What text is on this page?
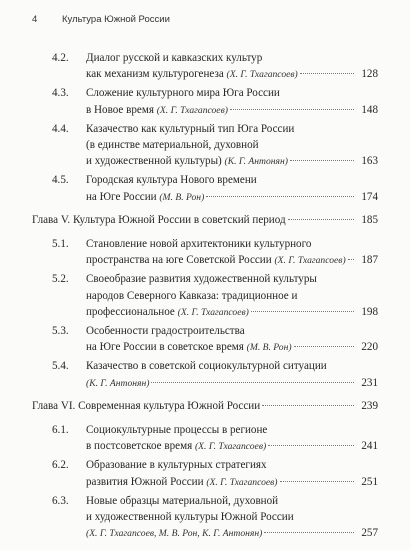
4	Культура Южной России
4.2.	Диалог русской и кавказских культур
как механизм культурогенеза (Х. Г. Тхагапсоев)	128
4.3.	Сложение культурного мира Юга России
в Новое время (Х. Г. Тхагапсоев)	148
4.4.	Казачество как культурный тип Юга России
(в единстве материальной, духовной
и художественной культуры) (К. Г. Антонян)	163
4.5.	Городская культура Нового времени
на Юге России (М. В. Рон)	174
Глава V. Культура Южной России в советский период	185
5.1.	Становление новой архитектоники культурного
пространства на юге Советской России (Х. Г. Тхагапсоев)	187
5.2.	Своеобразие развития художественной культуры
народов Северного Кавказа: традиционное и
профессиональное (Х. Г. Тхагапсоев)	198
5.3.	Особенности градостроительства
на Юге России в советское время (М. В. Рон)	220
5.4.	Казачество в советской социокультурной ситуации
(К. Г. Антонян)	231
Глава VI. Современная культура Южной России	239
6.1.	Социокультурные процессы в регионе
в постсоветское время (Х. Г. Тхагапсоев)	241
6.2.	Образование в культурных стратегиях
развития Южной России (Х. Г. Тхагапсоев)	251
6.3.	Новые образцы материальной, духовной
и художественной культуры Южной России
(Х. Г. Тхагапсоев, М. В. Рон, К. Г. Антонян)	257
